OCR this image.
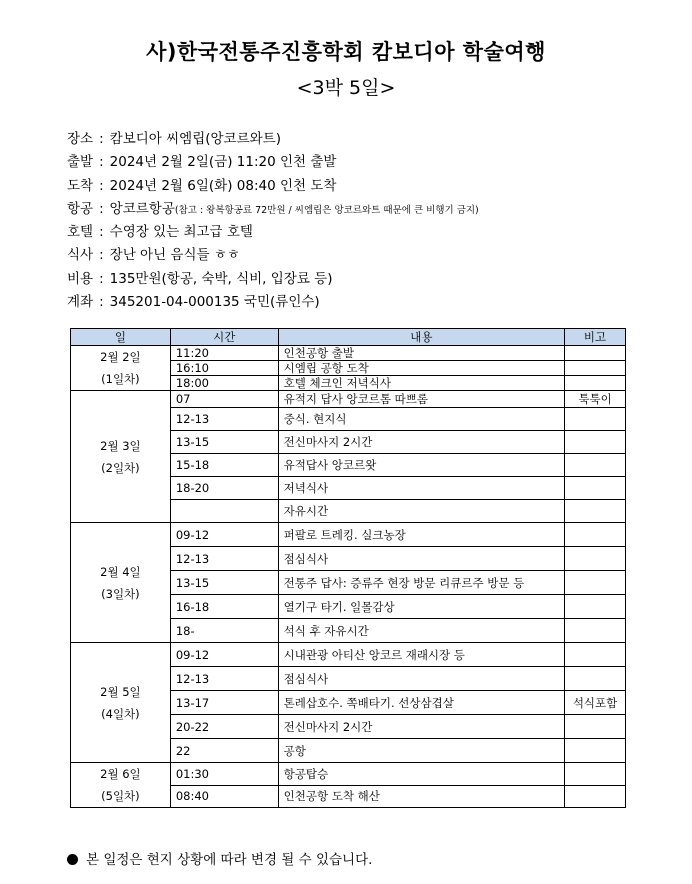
사)한국전통주진흥학회 캄보디아 학술여행
<3박 5일>
장소 : 캄보디아 씨엠립(앙코르와트)
출발 : 2024년 2월 2일(금) 11:20 인천 출발
도착 : 2024년 2월 6일(화) 08:40 인천 도착
항공 : 앙코르항공(참고 : 왕복항공료 72만원 / 씨엠립은 앙코르와트 때문에 큰 비행기 금지)
호텔 : 수영장 있는 최고급 호텔
식사 : 장난 아닌 음식들 ㅎㅎ
비용 : 135만원(항공, 숙박, 식비, 입장료 등)
계좌 : 345201-04-000135 국민(류인수)
일	시간	내용	비고

2월 2일
(1일차)	11:20	인천공항 출발	
	16:10	시엠립 공항 도착	
	18:00	호텔 체크인 저녁식사	

2월 3일
(2일차)	07	유적지 답사 앙코르톰 따쁘롬	툭툭이
	12-13	중식. 현지식	
	13-15	전신마사지 2시간	
	15-18	유적답사 앙코르왓	
	18-20	저녁식사	
		자유시간	

2월 4일
(3일차)	09-12	퍼팔로 트레킹. 실크농장	
	12-13	점심식사	
	13-15	전통주 답사: 증류주 현장 방문 리큐르주 방문 등	
	16-18	열기구 타기. 일몰감상	
	18-	석식 후 자유시간	

2월 5일
(4일차)	09-12	시내관광 아티산 앙코르 재래시장 등	
	12-13	점심식사	
	13-17	톤레삽호수. 쪽배타기. 선상삼겹살	석식포함
	20-22	전신마사지 2시간	
	22	공항	

2월 6일
(5일차)	01:30	항공탑승	
	08:40	인천공항 도착 해산	
본 일정은 현지 상황에 따라 변경 될 수 있습니다.
